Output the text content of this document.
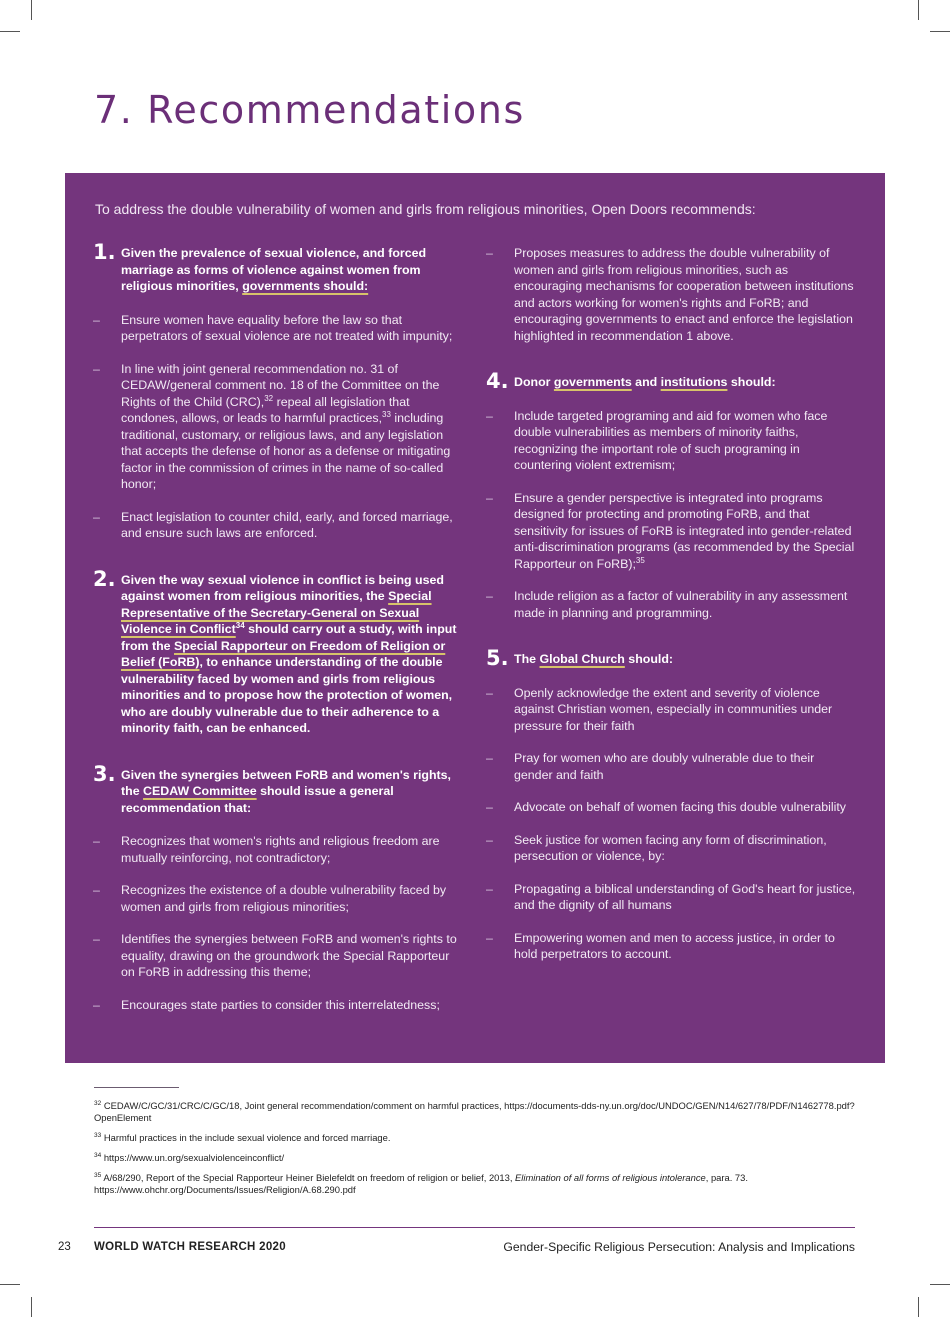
7. Recommendations

To address the double vulnerability of women and girls from religious minorities, Open Doors recommends:

1. Given the prevalence of sexual violence, and forced marriage as forms of violence against women from religious minorities, governments should:
– Ensure women have equality before the law so that perpetrators of sexual violence are not treated with impunity;
– In line with joint general recommendation no. 31 of CEDAW/general comment no. 18 of the Committee on the Rights of the Child (CRC),$^{32}$ repeal all legislation that condones, allows, or leads to harmful practices,$^{33}$ including traditional, customary, or religious laws, and any legislation that accepts the defense of honor as a defense or mitigating factor in the commission of crimes in the name of so-called honor;
– Enact legislation to counter child, early, and forced marriage, and ensure such laws are enforced.
2. Given the way sexual violence in conflict is being used against women from religious minorities, the Special Representative of the Secretary-General on Sexual Violence in Conflict$^{34}$ should carry out a study, with input from the Special Rapporteur on Freedom of Religion or Belief (FoRB), to enhance understanding of the double vulnerability faced by women and girls from religious minorities and to propose how the protection of women, who are doubly vulnerable due to their adherence to a minority faith, can be enhanced.
3. Given the synergies between FoRB and women's rights, the CEDAW Committee should issue a general recommendation that:
– Recognizes that women's rights and religious freedom are mutually reinforcing, not contradictory;
– Recognizes the existence of a double vulnerability faced by women and girls from religious minorities;
– Identifies the synergies between FoRB and women's rights to equality, drawing on the groundwork the Special Rapporteur on FoRB in addressing this theme;
– Encourages state parties to consider this interrelatedness;
– Proposes measures to address the double vulnerability of women and girls from religious minorities, such as encouraging mechanisms for cooperation between institutions and actors working for women's rights and FoRB; and encouraging governments to enact and enforce the legislation highlighted in recommendation 1 above.
4. Donor governments and institutions should:
– Include targeted programing and aid for women who face double vulnerabilities as members of minority faiths, recognizing the important role of such programing in countering violent extremism;
– Ensure a gender perspective is integrated into programs designed for protecting and promoting FoRB, and that sensitivity for issues of FoRB is integrated into gender-related anti-discrimination programs (as recommended by the Special Rapporteur on FoRB);$^{35}$
– Include religion as a factor of vulnerability in any assessment made in planning and programming.
5. The Global Church should:
– Openly acknowledge the extent and severity of violence against Christian women, especially in communities under pressure for their faith
– Pray for women who are doubly vulnerable due to their gender and faith
– Advocate on behalf of women facing this double vulnerability
– Seek justice for women facing any form of discrimination, persecution or violence, by:
– Propagating a biblical understanding of God's heart for justice, and the dignity of all humans
– Empowering women and men to access justice, in order to hold perpetrators to account.

$^{32}$ CEDAW/C/GC/31/CRC/C/GC/18, Joint general recommendation/comment on harmful practices, https://documents-dds-ny.un.org/doc/UNDOC/GEN/N14/627/78/PDF/N1462778.pdf?OpenElement

$^{33}$ Harmful practices in the include sexual violence and forced marriage.

$^{34}$ https://www.un.org/sexualviolenceinconflict/

$^{35}$ A/68/290, Report of the Special Rapporteur Heiner Bielefeldt on freedom of religion or belief, 2013, Elimination of all forms of religious intolerance, para. 73. https://www.ohchr.org/Documents/Issues/Religion/A.68.290.pdf

23 WORLD WATCH RESEARCH 2020	Gender-Specific Religious Persecution: Analysis and Implications
